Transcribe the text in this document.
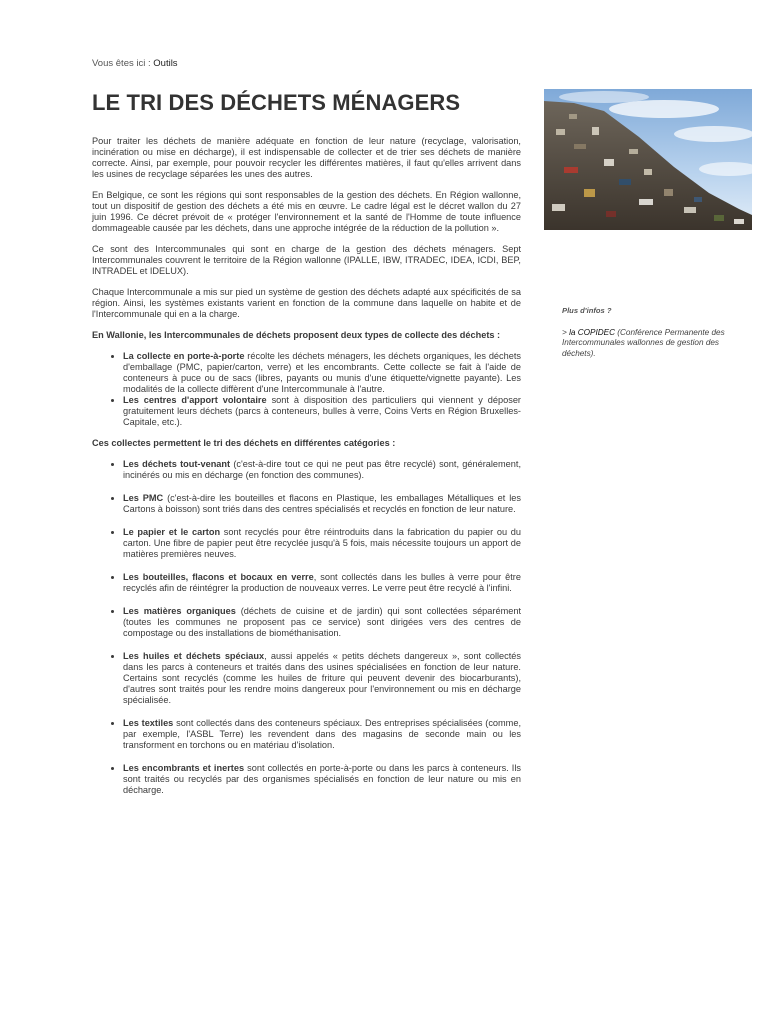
Vous êtes ici : Outils
LE TRI DES DÉCHETS MÉNAGERS

Pour traiter les déchets de manière adéquate en fonction de leur nature (recyclage, valorisation, incinération ou mise en décharge), il est indispensable de collecter et de trier ses déchets de manière correcte. Ainsi, par exemple, pour pouvoir recycler les différentes matières, il faut qu'elles arrivent dans les usines de recyclage séparées les unes des autres.

En Belgique, ce sont les régions qui sont responsables de la gestion des déchets. En Région wallonne, tout un dispositif de gestion des déchets a été mis en œuvre. Le cadre légal est le décret wallon du 27 juin 1996. Ce décret prévoit de « protéger l'environnement et la santé de l'Homme de toute influence dommageable causée par les déchets, dans une approche intégrée de la réduction de la pollution ».

Ce sont des Intercommunales qui sont en charge de la gestion des déchets ménagers. Sept Intercommunales couvrent le territoire de la Région wallonne (IPALLE, IBW, ITRADEC, IDEA, ICDI, BEP, INTRADEL et IDELUX).

Chaque Intercommunale a mis sur pied un système de gestion des déchets adapté aux spécificités de sa région. Ainsi, les systèmes existants varient en fonction de la commune dans laquelle on habite et de l'Intercommunale qui en a la charge.

En Wallonie, les Intercommunales de déchets proposent deux types de collecte des déchets :

• La collecte en porte-à-porte récolte les déchets ménagers, les déchets organiques, les déchets d'emballage (PMC, papier/carton, verre) et les encombrants. Cette collecte se fait à l'aide de conteneurs à puce ou de sacs (libres, payants ou munis d'une étiquette/vignette payante). Les modalités de la collecte diffèrent d'une Intercommunale à l'autre.
• Les centres d'apport volontaire sont à disposition des particuliers qui viennent y déposer gratuitement leurs déchets (parcs à conteneurs, bulles à verre, Coins Verts en Région Bruxelles-Capitale, etc.).

Ces collectes permettent le tri des déchets en différentes catégories :

• Les déchets tout-venant (c'est-à-dire tout ce qui ne peut pas être recyclé) sont, généralement, incinérés ou mis en décharge (en fonction des communes).
• Les PMC (c'est-à-dire les bouteilles et flacons en Plastique, les emballages Métalliques et les Cartons à boisson) sont triés dans des centres spécialisés et recyclés en fonction de leur nature.
• Le papier et le carton sont recyclés pour être réintroduits dans la fabrication du papier ou du carton. Une fibre de papier peut être recyclée jusqu'à 5 fois, mais nécessite toujours un apport de matières premières neuves.
• Les bouteilles, flacons et bocaux en verre, sont collectés dans les bulles à verre pour être recyclés afin de réintégrer la production de nouveaux verres. Le verre peut être recyclé à l'infini.
• Les matières organiques (déchets de cuisine et de jardin) qui sont collectées séparément (toutes les communes ne proposent pas ce service) sont dirigées vers des centres de compostage ou des installations de biométhanisation.
• Les huiles et déchets spéciaux, aussi appelés « petits déchets dangereux », sont collectés dans les parcs à conteneurs et traités dans des usines spécialisées en fonction de leur nature. Certains sont recyclés (comme les huiles de friture qui peuvent devenir des biocarburants), d'autres sont traités pour les rendre moins dangereux pour l'environnement ou mis en décharge spécialisée.
• Les textiles sont collectés dans des conteneurs spéciaux. Des entreprises spécialisées (comme, par exemple, l'ASBL Terre) les revendent dans des magasins de seconde main ou les transforment en torchons ou en matériau d'isolation.
• Les encombrants et inertes sont collectés en porte-à-porte ou dans les parcs à conteneurs. Ils sont traités ou recyclés par des organismes spécialisés en fonction de leur nature ou mis en décharge.

Plus d'infos ?

> la COPIDEC (Conférence Permanente des Intercommunales wallonnes de gestion des déchets).
